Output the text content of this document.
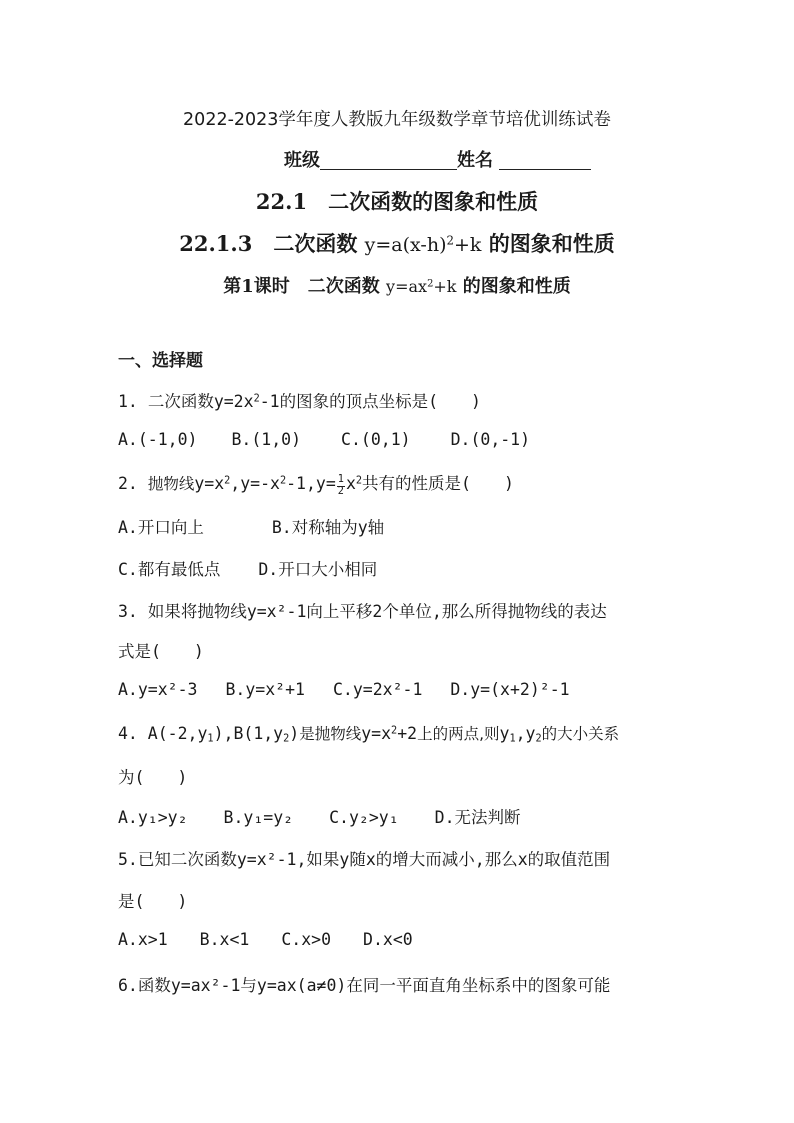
2022-2023学年度人教版九年级数学章节培优训练试卷
班级	姓名
22.1　二次函数的图象和性质
22.1.3　二次函数 $y=a(x-h)^2+k$ 的图象和性质
第1课时　二次函数 $y=ax^2+k$ 的图象和性质
一、选择题
1. 二次函数$y=2x^2-1$的图象的顶点坐标是(　　)
A.(-1,0) B.(1,0) C.(0,1) D.(0,-1)
2. 抛物线$y=x^2,y=-x^2-1,y= \frac{1}{2} x^2$共有的性质是(　　)
A.开口向上	B.对称轴为y轴
C.都有最低点 D.开口大小相同
3. 如果将抛物线y=x²-1向上平移2个单位,那么所得抛物线的表达
式是(　　)
A.y=x²-3 B.y=x²+1 C.y=2x²-1 D.y=(x+2)²-1
4. $A(-2,y_1),B(1,y_2)$是抛物线$y=x^2+2$上的两点,则$y_1,y_2$的大小关系
为(　　)
A.y₁>y₂ B.y₁=y₂ C.y₂>y₁ D.无法判断
5.已知二次函数y=x²-1,如果y随x的增大而减小,那么x的取值范围
是(　　)
A.x>1 B.x<1 C.x>0 D.x<0
6.函数y=ax²-1与y=ax(a≠0)在同一平面直角坐标系中的图象可能
